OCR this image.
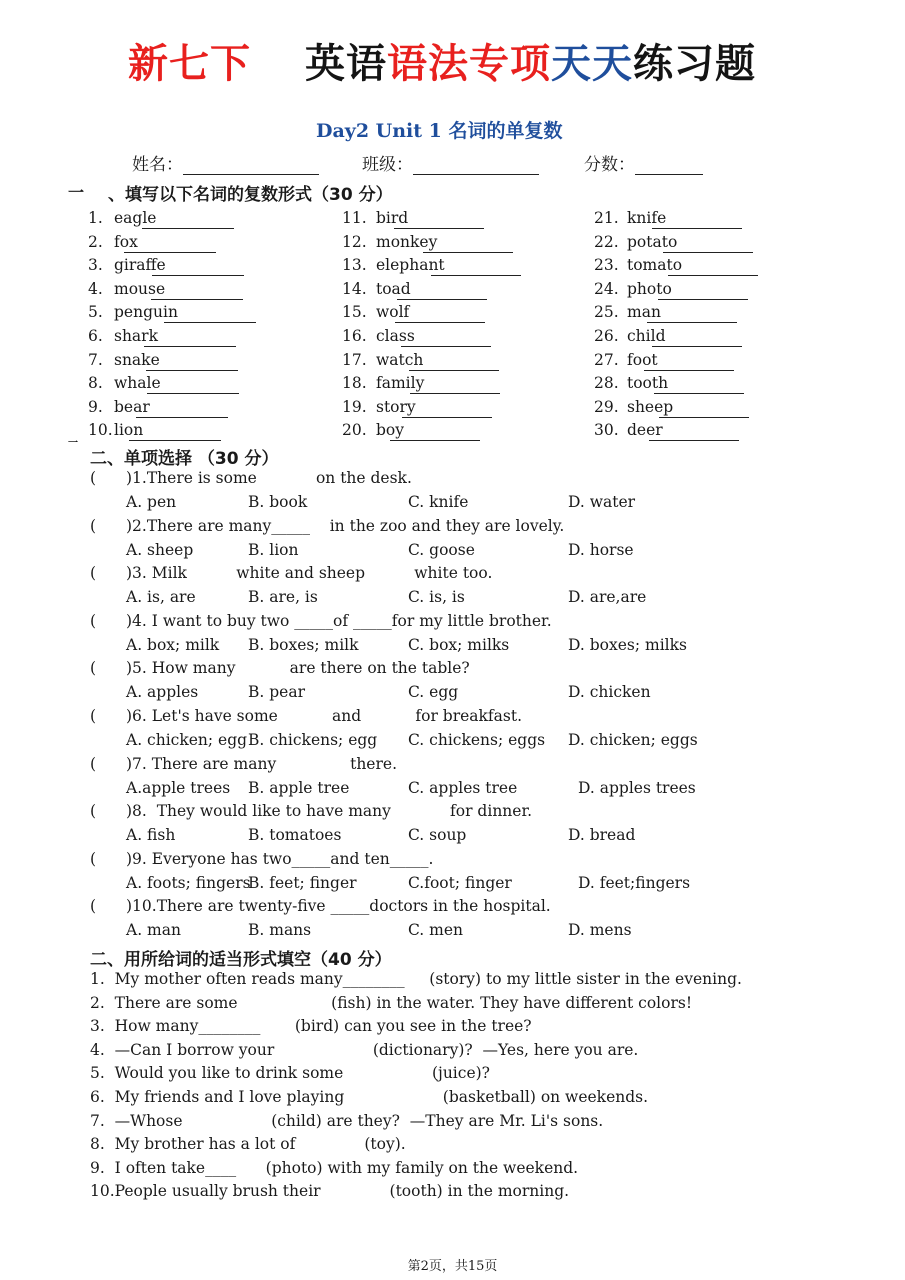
新七下 英语语法专项天天练习题
Day2 Unit 1 名词的单复数
姓名：	班级：	分数：
一 、填写以下名词的复数形式（30 分）
1. eagle
2. fox
3. giraffe
4. mouse
5. penguin
6. shark
7. snake
8. whale
9. bear
10. lion
11. bird
12. monkey
13. elephant
14. toad
15. wolf
16. class
17. watch
18. family
19. story
20. boy
21. knife
22. potato
23. tomato
24. photo
25. man
26. child
27. foot
28. tooth
29. sheep
30. deer
一
二、单项选择 （30 分）
( )1.There is some            on the desk.
A. pen	B. book	C. knife	D. water
( )2.There are many_____    in the zoo and they are lovely.
A. sheep	B. lion	C. goose	D. horse
( )3. Milk          white and sheep          white too.
A. is, are	B. are, is	C. is, is	D. are,are
( )4. I want to buy two _____of _____for my little brother.
A. box; milk B. boxes; milk	C. box; milks	D. boxes; milks
( )5. How many           are there on the table?
A. apples	B. pear	C. egg	D. chicken
( )6. Let's have some           and           for breakfast.
A. chicken; egg B. chickens; egg C. chickens; eggs D. chicken; eggs
( )7. There are many               there.
A.apple trees B. apple tree	C. apples tree	D. apples trees
( )8.  They would like to have many            for dinner.
A. fish	B. tomatoes	C. soup	D. bread
( )9. Everyone has two_____and ten_____.
A. foots; fingers
B. feet; finger	C.foot; finger	D. feet;fingers
( )10.There are twenty-five _____doctors in the hospital.
A. man	B. mans	C. men	D. mens
二、用所给词的适当形式填空（40 分）
1.  My mother often reads many________     (story) to my little sister in the evening.
2.  There are some                   (fish) in the water. They have different colors!
3.  How many________       (bird) can you see in the tree?
4.  —Can I borrow your                    (dictionary)?  —Yes, here you are.
5.  Would you like to drink some                  (juice)?
6.  My friends and I love playing                    (basketball) on weekends.
7.  —Whose                  (child) are they?  —They are Mr. Li's sons.
8.  My brother has a lot of              (toy).
9.  I often take____      (photo) with my family on the weekend.
10.People usually brush their              (tooth) in the morning.
第2页，共15页
